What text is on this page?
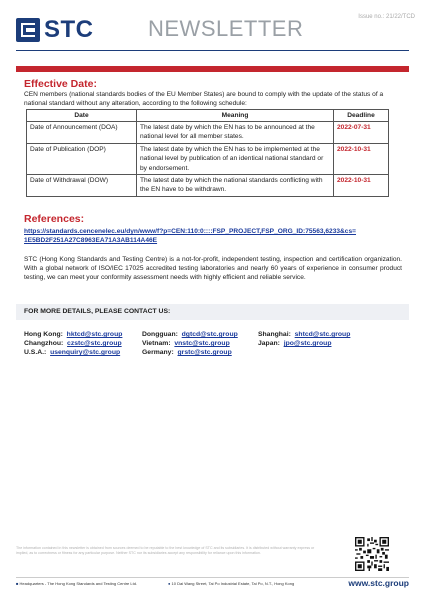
STC NEWSLETTER	Issue no.: 21/22/TCD
Effective Date:
CEN members (national standards bodies of the EU Member States) are bound to comply with the update of the status of a national standard without any alteration, according to the following schedule:
Date	Meaning	Deadline
Date of Announcement (DOA)	The latest date by which the EN has to be announced at the national level for all member states.	2022-07-31
Date of Publication (DOP)	The latest date by which the EN has to be implemented at the national level by publication of an identical national standard or by endorsement.	2022-10-31
Date of Withdrawal (DOW)	The latest date by which the national standards conflicting with the EN have to be withdrawn.	2022-10-31
References:
https://standards.cencenelec.eu/dyn/www/f?p=CEN:110:0::::FSP_PROJECT,FSP_ORG_ID:75563,6233&cs=
1E5BD2F251A27C8963EA71A3AB114A46E
STC (Hong Kong Standards and Testing Centre) is a not-for-profit, independent testing, inspection and certification organization. With a global network of ISO/IEC 17025 accredited testing laboratories and nearly 60 years of experience in consumer product testing, we can meet your conformity assessment needs with highly efficient and reliable service.
FOR MORE DETAILS, PLEASE CONTACT US:
Hong Kong: hktcd@stc.group	Dongguan: dgtcd@stc.group	Shanghai: shtcd@stc.group
Changzhou: czstc@stc.group	Vietnam: vnstc@stc.group	Japan: jpo@stc.group
U.S.A.: usenquiry@stc.group	Germany: grstc@stc.group
The information contained in this newsletter is obtained from sources deemed to be reputable to the best knowledge of STC and its subsidiaries. It is distributed without warranty express or implied, as to correctness or fitness for any particular purpose. Neither STC nor its subsidiaries accept any responsibility for reliance upon this information.
■ Headquarters - The Hong Kong Standards and Testing Centre Ltd.	● 10 Dai Wang Street, Tai Po Industrial Estate, Tai Po, N.T., Hong Kong	www.stc.group
